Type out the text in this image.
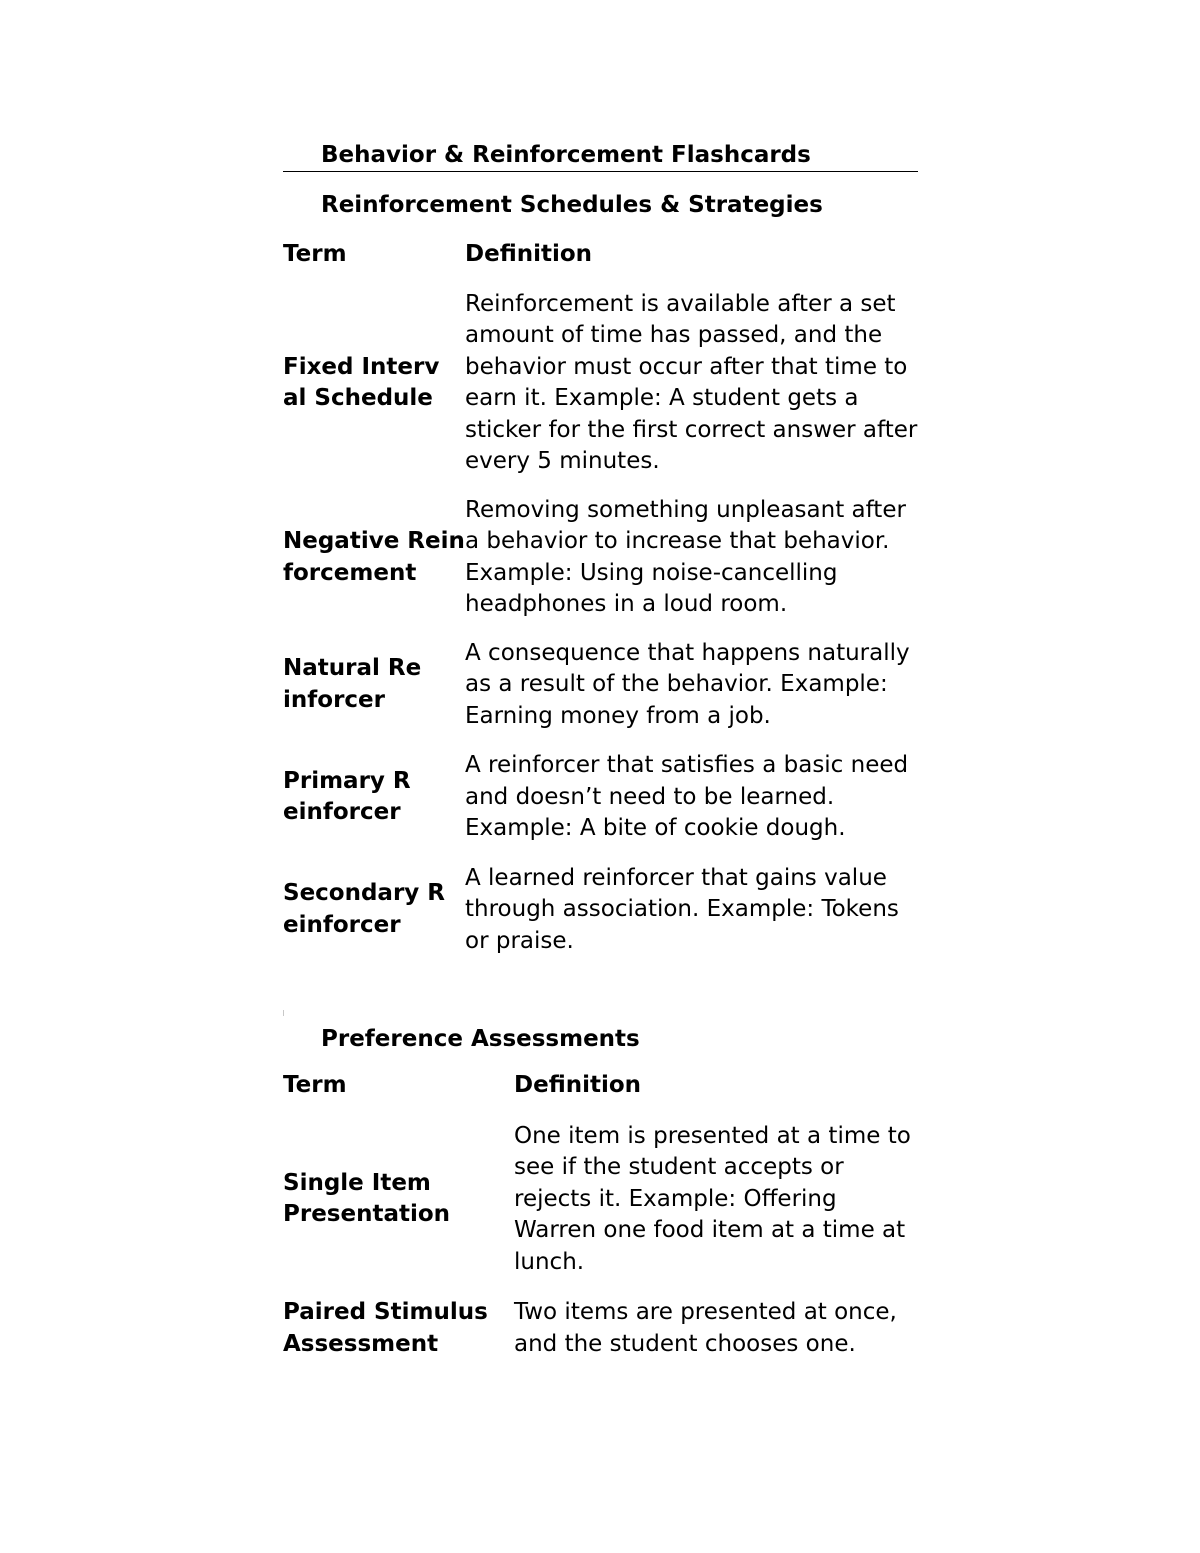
Behavior & Reinforcement Flashcards
Reinforcement Schedules & Strategies
Term	Definition
Fixed Interval Schedule	Reinforcement is available after a set amount of time has passed, and the behavior must occur after that time to earn it. Example: A student gets a sticker for the first correct answer after every 5 minutes.
Negative Reinforcement	Removing something unpleasant after a behavior to increase that behavior. Example: Using noise-cancelling headphones in a loud room.
Natural Reinforcer	A consequence that happens naturally as a result of the behavior. Example: Earning money from a job.
Primary Reinforcer	A reinforcer that satisfies a basic need and doesn’t need to be learned. Example: A bite of cookie dough.
Secondary Reinforcer	A learned reinforcer that gains value through association. Example: Tokens or praise.
Preference Assessments
Term	Definition
Single Item Presentation	One item is presented at a time to see if the student accepts or rejects it. Example: Offering Warren one food item at a time at lunch.
Paired Stimulus Assessment	Two items are presented at once, and the student chooses one.
